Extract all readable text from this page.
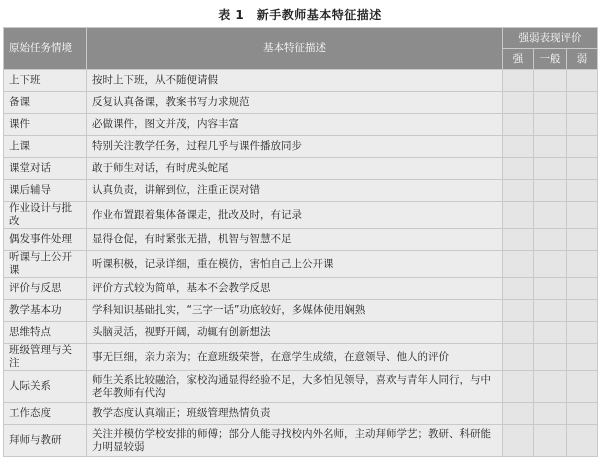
表 1　新手教师基本特征描述
原始任务情境	基本特征描述	强弱表现评价		
		强	一般	弱
上下班	按时上下班，从不随便请假			
备课	反复认真备课，教案书写力求规范			
课件	必做课件，图文并茂，内容丰富			
上课	特别关注教学任务，过程几乎与课件播放同步			
课堂对话	敢于师生对话，有时虎头蛇尾			
课后辅导	认真负责，讲解到位，注重正误对错			
作业设计与批改	作业布置跟着集体备课走，批改及时，有记录			
偶发事件处理	显得仓促，有时紧张无措，机智与智慧不足			
听课与上公开课	听课积极，记录详细，重在模仿，害怕自己上公开课			
评价与反思	评价方式较为简单，基本不会教学反思			
教学基本功	学科知识基础扎实，“三字一话”功底较好，多媒体使用娴熟			
思维特点	头脑灵活，视野开阔，动辄有创新想法			
班级管理与关注	事无巨细，亲力亲为；在意班级荣誉，在意学生成绩，在意领导、他人的评价			
人际关系	师生关系比较融洽，家校沟通显得经验不足，大多怕见领导，喜欢与青年人同行，与中老年教师有代沟			
工作态度	教学态度认真端正；班级管理热情负责			
拜师与教研	关注并模仿学校安排的师傅；部分人能寻找校内外名师，主动拜师学艺；教研、科研能力明显较弱			
